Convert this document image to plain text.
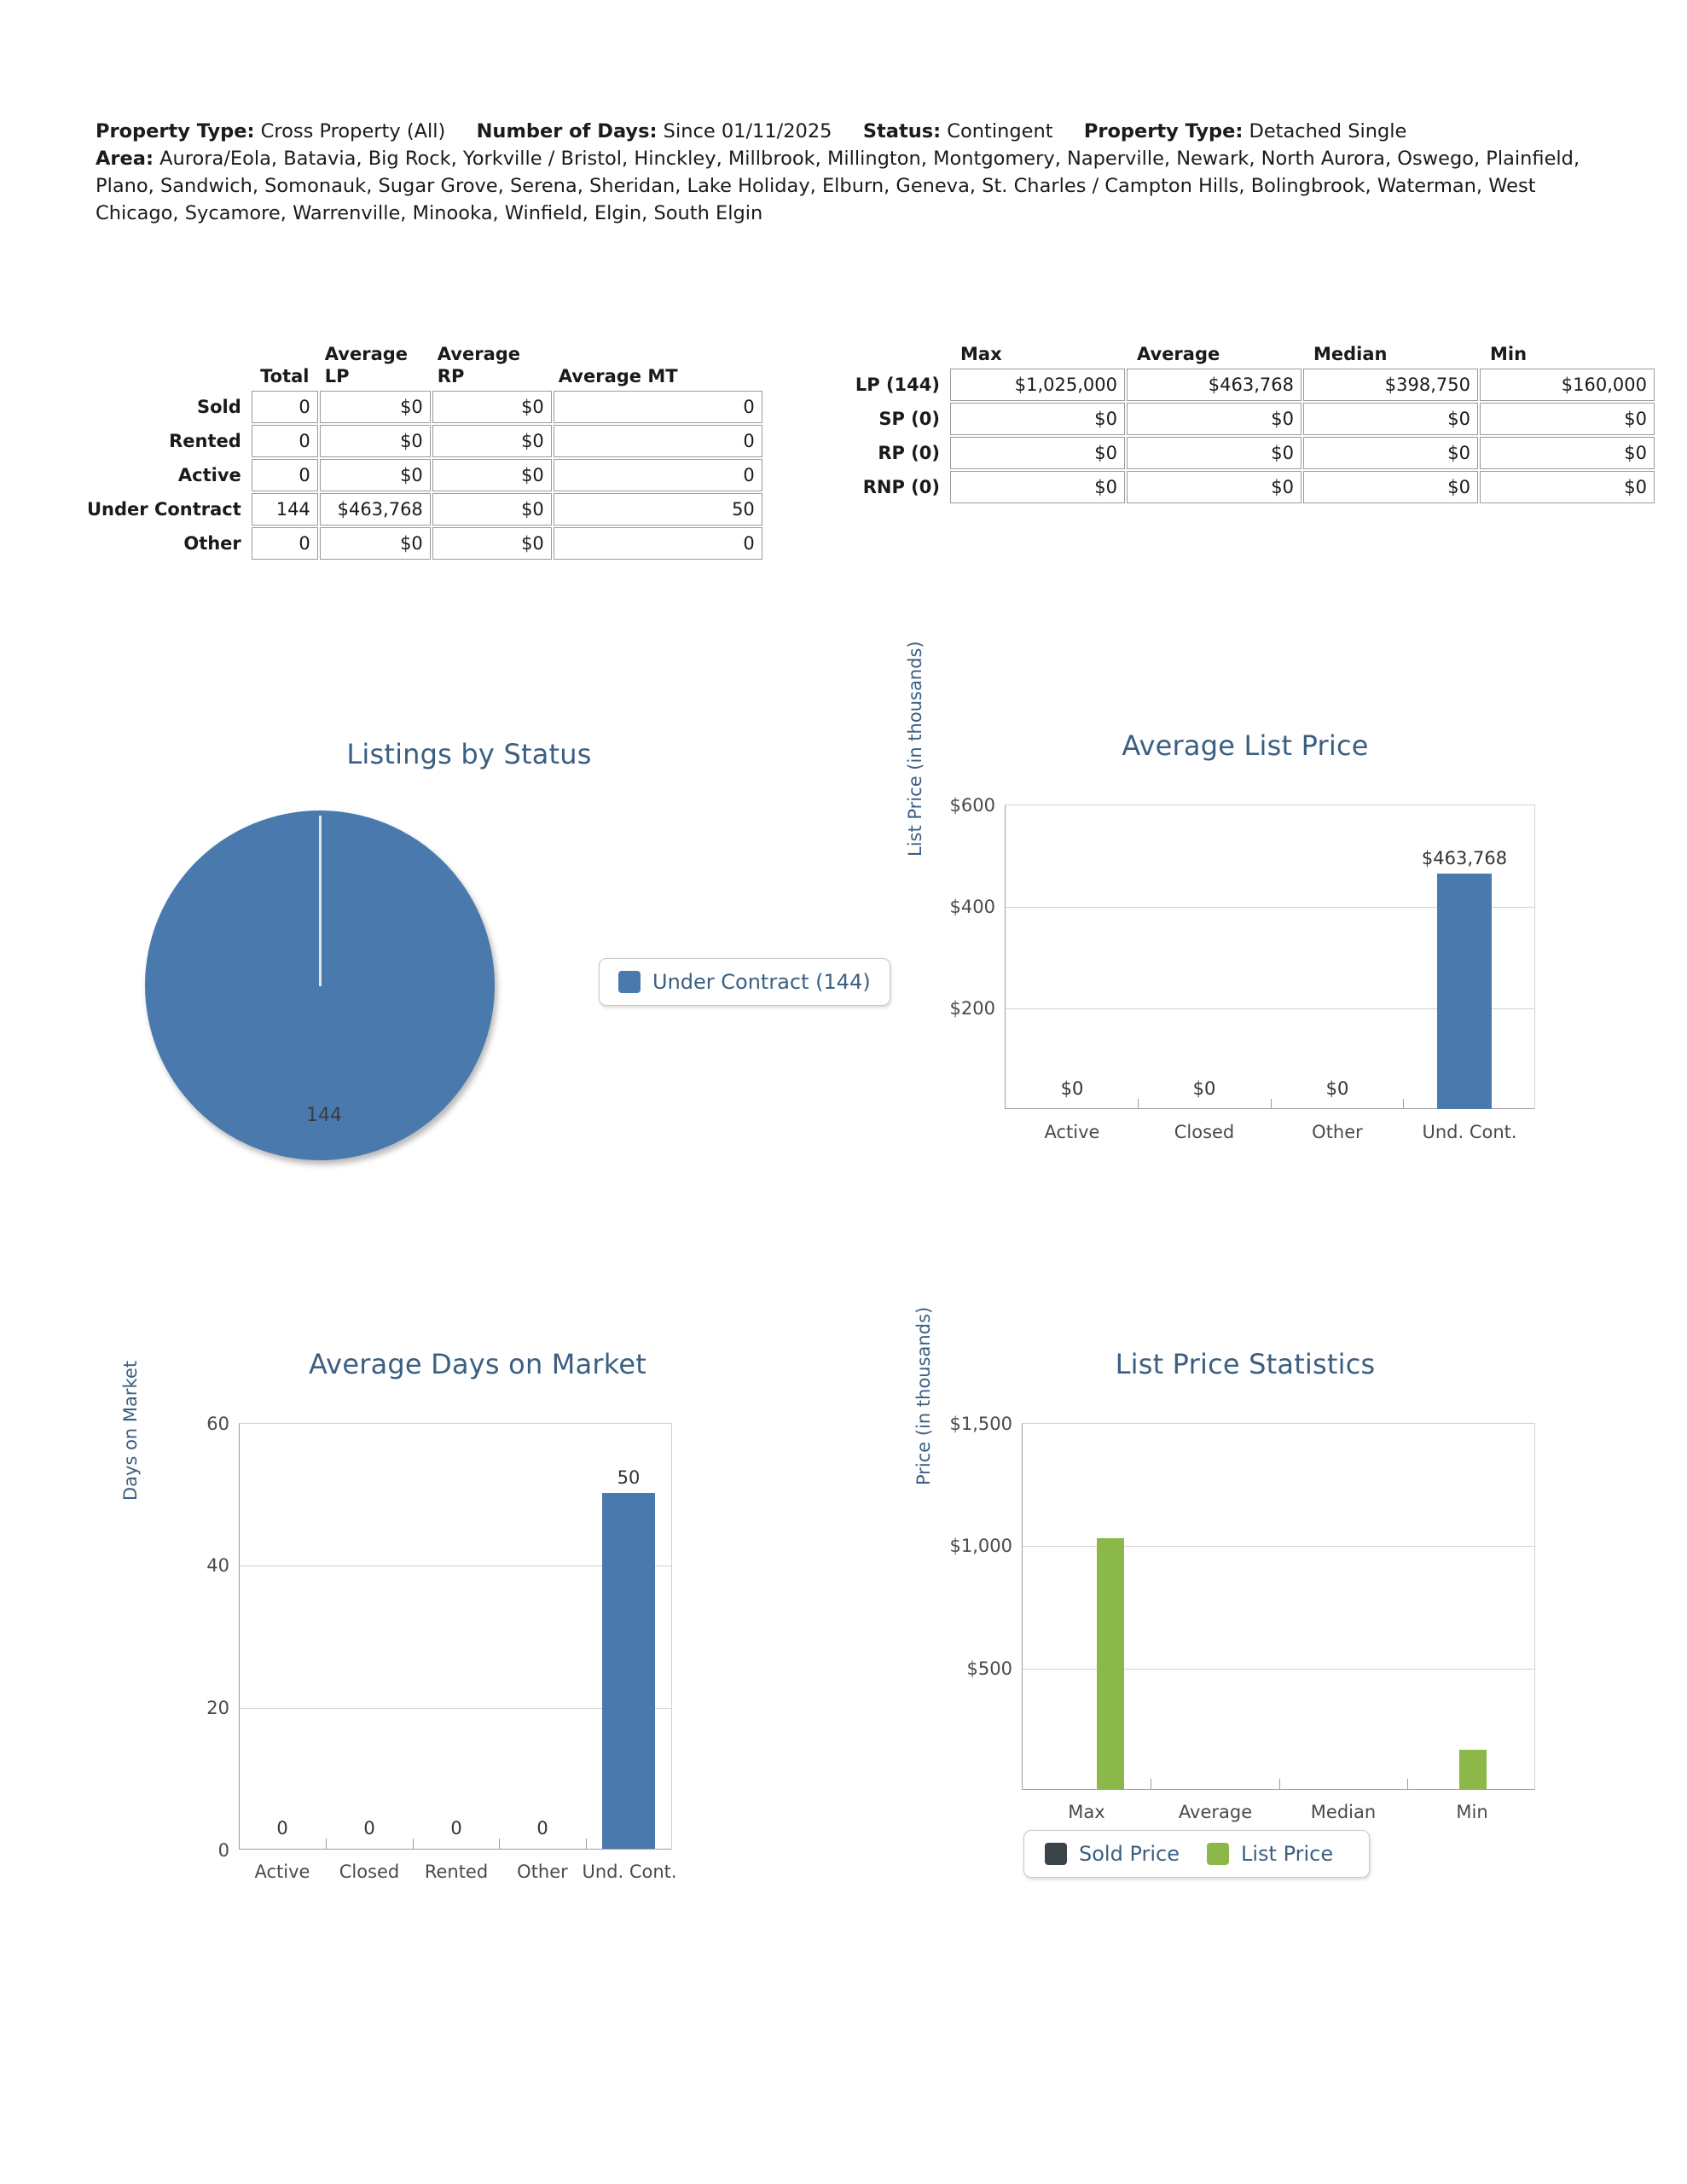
Property Type: Cross Property (All) Number of Days: Since 01/11/2025 Status: Contingent Property Type: Detached Single
Area: Aurora/Eola, Batavia, Big Rock, Yorkville / Bristol, Hinckley, Millbrook, Millington, Montgomery, Naperville, Newark, North Aurora, Oswego, Plainfield, Plano, Sandwich, Somonauk, Sugar Grove, Serena, Sheridan, Lake Holiday, Elburn, Geneva, St. Charles / Campton Hills, Bolingbrook, Waterman, West Chicago, Sycamore, Warrenville, Minooka, Winfield, Elgin, South Elgin
	Total	Average LP	Average RP	Average MT
Sold	0	$0	$0	0
Rented	0	$0	$0	0
Active	0	$0	$0	0
Under Contract	144	$463,768	$0	50
Other	0	$0	$0	0
	Max	Average	Median	Min
LP (144)	$1,025,000	$463,768	$398,750	$160,000
SP (0)	$0	$0	$0	$0
RP (0)	$0	$0	$0	$0
RNP (0)	$0	$0	$0	$0
Listings by Status
144
Under Contract (144)
Average List Price
List Price (in thousands) $600
$400
$200
$0	$0	$0
$463,768
Active	Closed	Other	Und. Cont.
Average Days on Market
Days on Market	60
40
20
0
0	0	0	0
50
Active	Closed	Rented	Other Und. Cont.
List Price Statistics
Price (in thousands) $1,500
$1,000
$500
Max	Average	Median	Min
Sold Price	List Price
